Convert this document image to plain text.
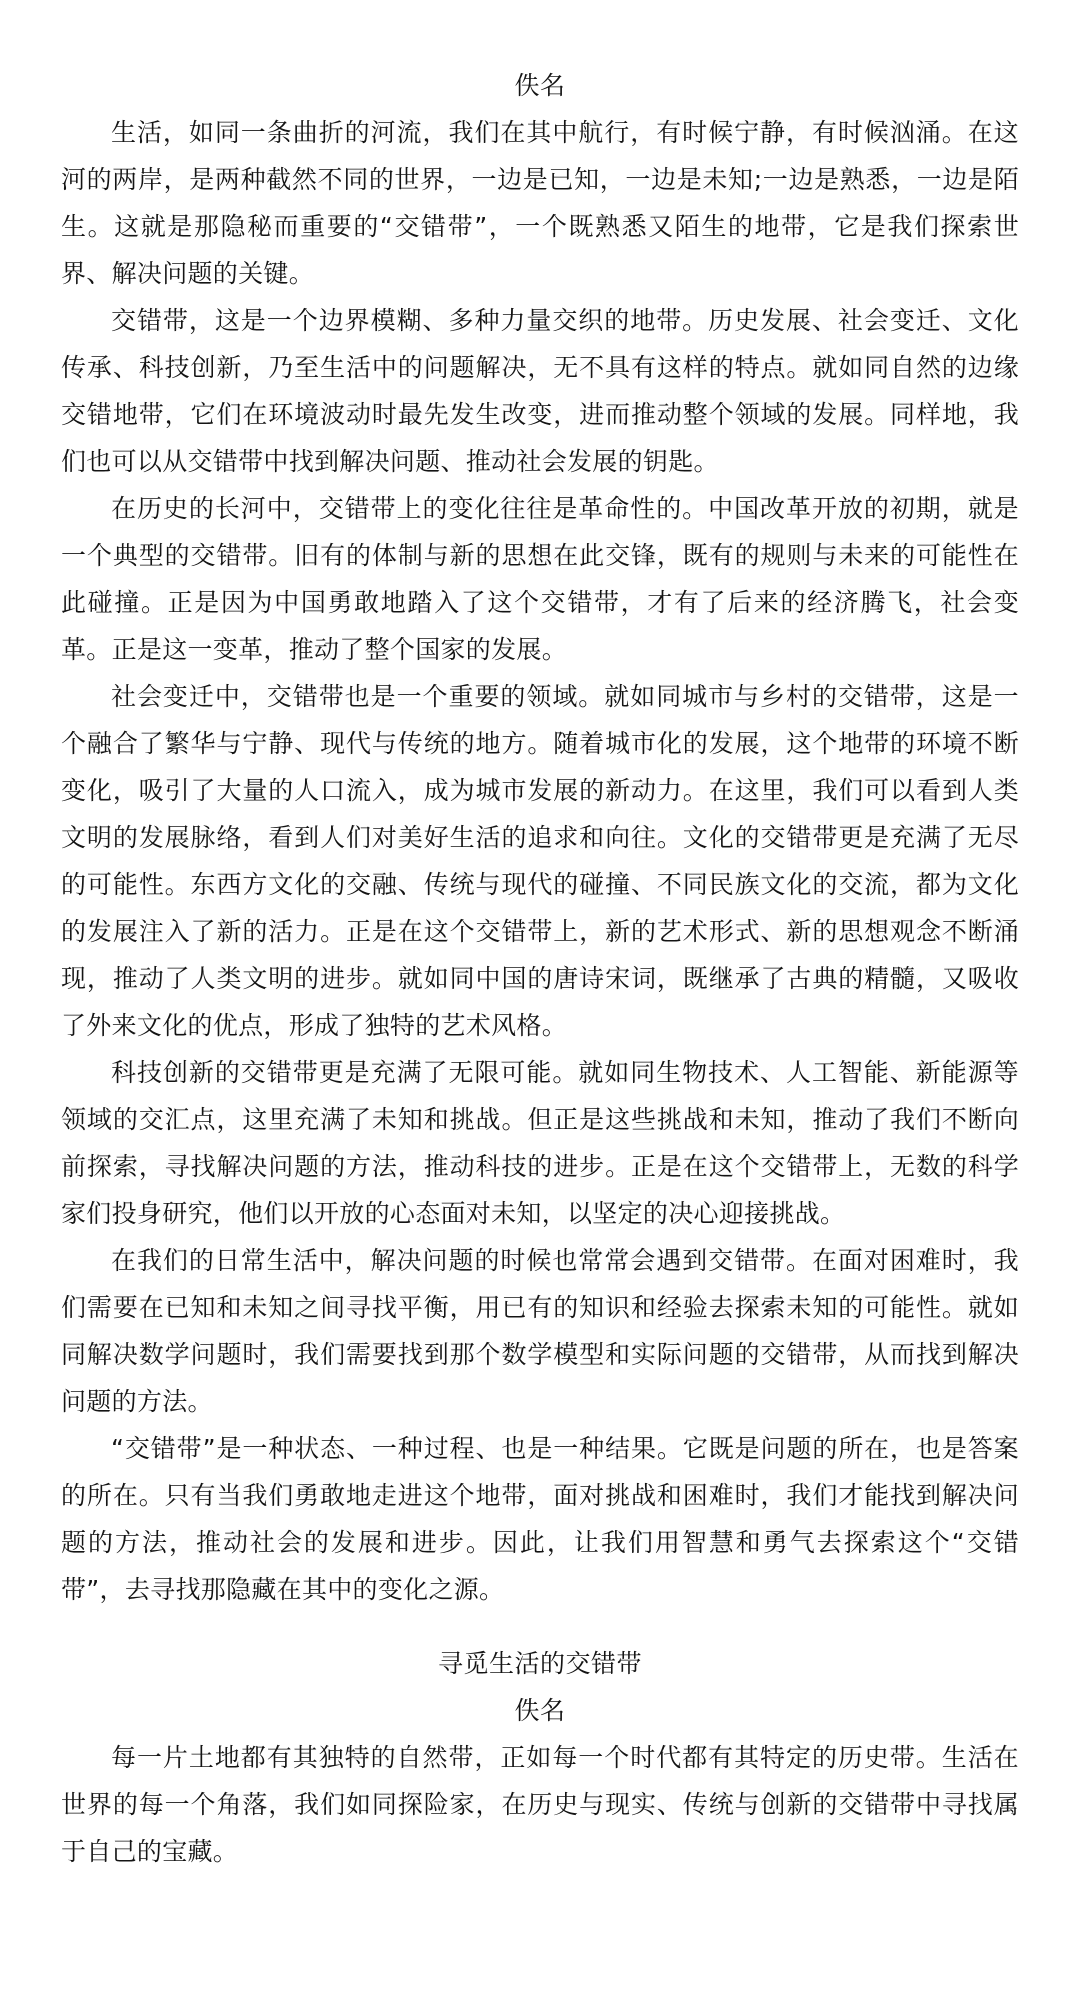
佚名

生活，如同一条曲折的河流，我们在其中航行，有时候宁静，有时候汹涌。在这河的两岸，是两种截然不同的世界，一边是已知，一边是未知;一边是熟悉，一边是陌生。这就是那隐秘而重要的“交错带”，一个既熟悉又陌生的地带，它是我们探索世界、解决问题的关键。

交错带，这是一个边界模糊、多种力量交织的地带。历史发展、社会变迁、文化传承、科技创新，乃至生活中的问题解决，无不具有这样的特点。就如同自然的边缘交错地带，它们在环境波动时最先发生改变，进而推动整个领域的发展。同样地，我们也可以从交错带中找到解决问题、推动社会发展的钥匙。

在历史的长河中，交错带上的变化往往是革命性的。中国改革开放的初期，就是一个典型的交错带。旧有的体制与新的思想在此交锋，既有的规则与未来的可能性在此碰撞。正是因为中国勇敢地踏入了这个交错带，才有了后来的经济腾飞，社会变革。正是这一变革，推动了整个国家的发展。

社会变迁中，交错带也是一个重要的领域。就如同城市与乡村的交错带，这是一个融合了繁华与宁静、现代与传统的地方。随着城市化的发展，这个地带的环境不断变化，吸引了大量的人口流入，成为城市发展的新动力。在这里，我们可以看到人类文明的发展脉络，看到人们对美好生活的追求和向往。文化的交错带更是充满了无尽的可能性。东西方文化的交融、传统与现代的碰撞、不同民族文化的交流，都为文化的发展注入了新的活力。正是在这个交错带上，新的艺术形式、新的思想观念不断涌现，推动了人类文明的进步。就如同中国的唐诗宋词，既继承了古典的精髓，又吸收了外来文化的优点，形成了独特的艺术风格。

科技创新的交错带更是充满了无限可能。就如同生物技术、人工智能、新能源等领域的交汇点，这里充满了未知和挑战。但正是这些挑战和未知，推动了我们不断向前探索，寻找解决问题的方法，推动科技的进步。正是在这个交错带上，无数的科学家们投身研究，他们以开放的心态面对未知，以坚定的决心迎接挑战。

在我们的日常生活中，解决问题的时候也常常会遇到交错带。在面对困难时，我们需要在已知和未知之间寻找平衡，用已有的知识和经验去探索未知的可能性。就如同解决数学问题时，我们需要找到那个数学模型和实际问题的交错带，从而找到解决问题的方法。

“交错带”是一种状态、一种过程、也是一种结果。它既是问题的所在，也是答案的所在。只有当我们勇敢地走进这个地带，面对挑战和困难时，我们才能找到解决问题的方法，推动社会的发展和进步。因此，让我们用智慧和勇气去探索这个“交错带”，去寻找那隐藏在其中的变化之源。

寻觅生活的交错带
佚名

每一片土地都有其独特的自然带，正如每一个时代都有其特定的历史带。生活在世界的每一个角落，我们如同探险家，在历史与现实、传统与创新的交错带中寻找属于自己的宝藏。
